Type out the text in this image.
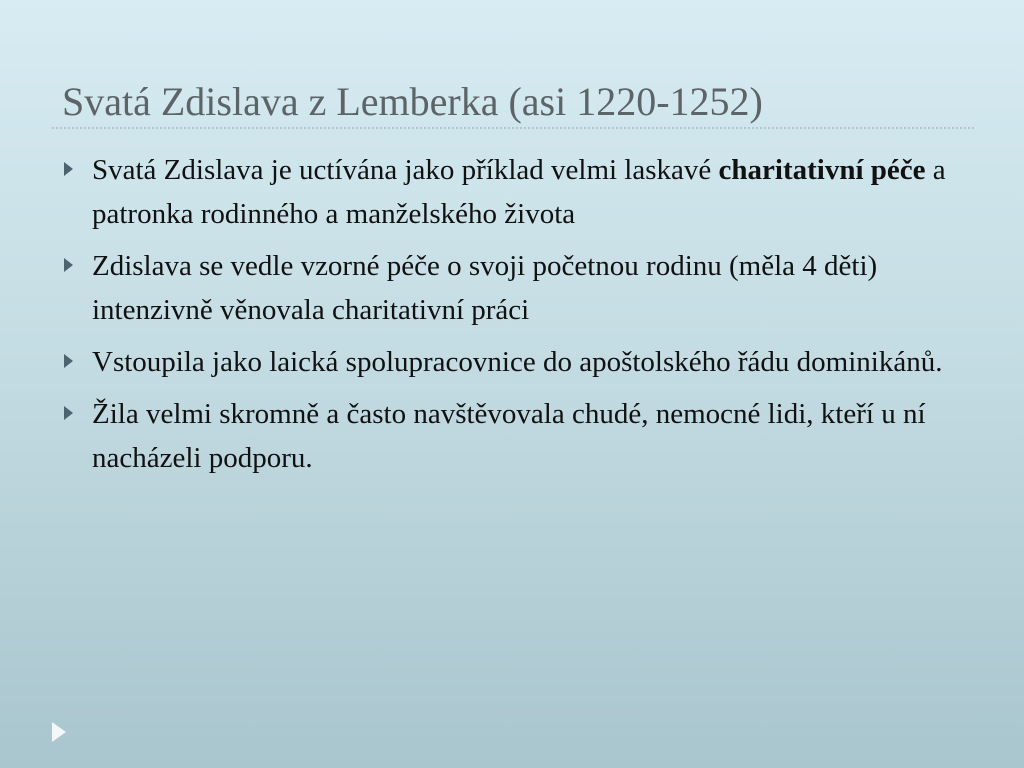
Svatá Zdislava z Lemberka (asi 1220-1252)
Svatá Zdislava je uctívána jako příklad velmi laskavé charitativní péče a patronka rodinného a manželského života
Zdislava se vedle vzorné péče o svoji početnou rodinu (měla 4 děti) intenzivně věnovala charitativní práci
Vstoupila jako laická spolupracovnice do apoštolského řádu dominikánů.
Žila velmi skromně a často navštěvovala chudé, nemocné lidi, kteří u ní nacházeli podporu.
